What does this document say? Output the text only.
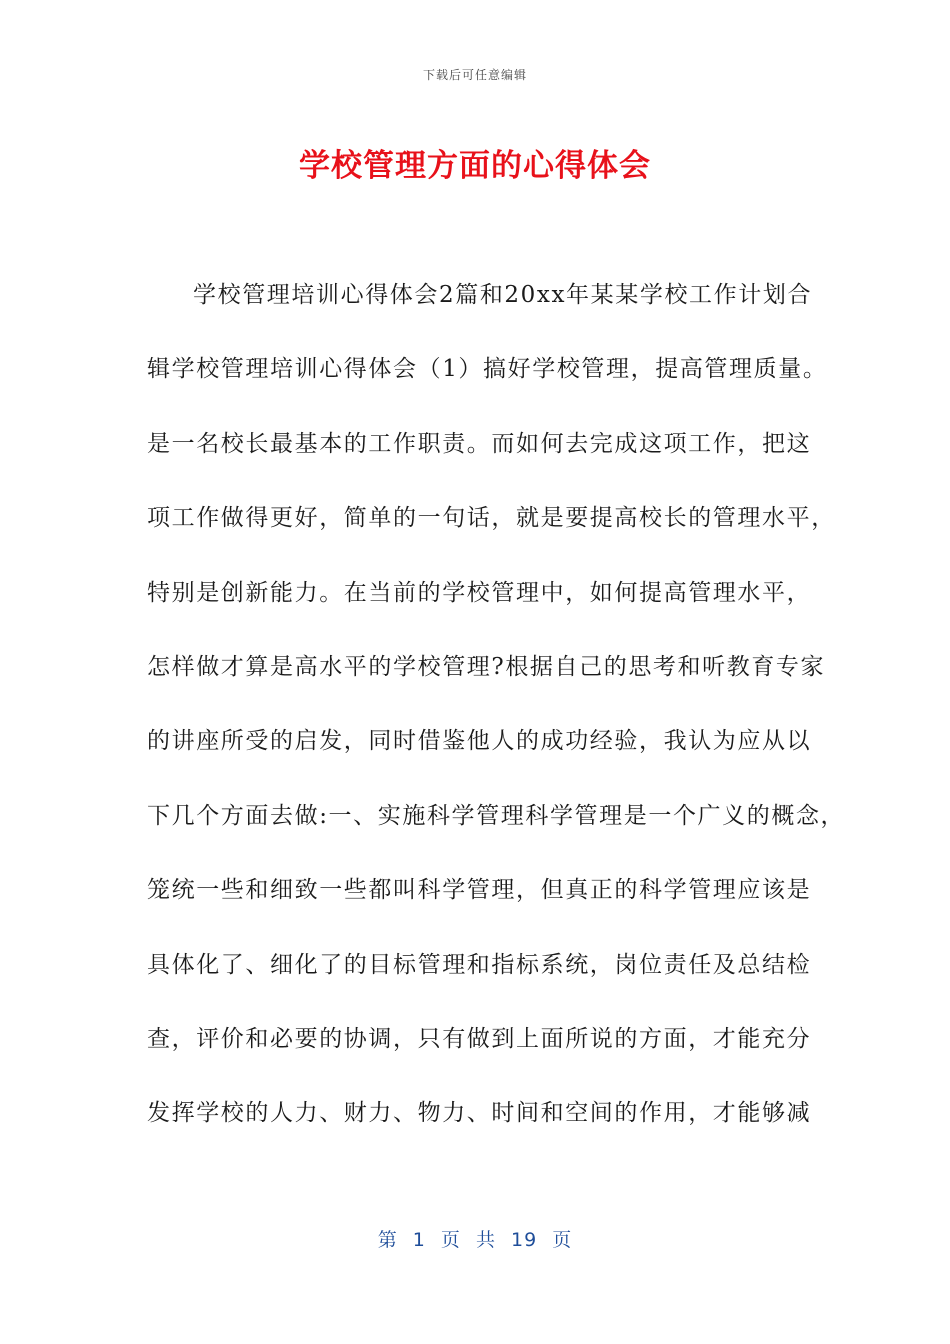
下载后可任意编辑
学校管理方面的心得体会
学校管理培训心得体会2篇和20xx年某某学校工作计划合
辑学校管理培训心得体会（1）搞好学校管理，提高管理质量。
是一名校长最基本的工作职责。而如何去完成这项工作，把这
项工作做得更好，简单的一句话，就是要提高校长的管理水平，
特别是创新能力。在当前的学校管理中，如何提高管理水平，
怎样做才算是高水平的学校管理?根据自己的思考和听教育专家
的讲座所受的启发，同时借鉴他人的成功经验，我认为应从以
下几个方面去做:一、实施科学管理科学管理是一个广义的概念，
笼统一些和细致一些都叫科学管理，但真正的科学管理应该是
具体化了、细化了的目标管理和指标系统，岗位责任及总结检
查，评价和必要的协调，只有做到上面所说的方面，才能充分
发挥学校的人力、财力、物力、时间和空间的作用，才能够减
第 1 页 共 19 页
